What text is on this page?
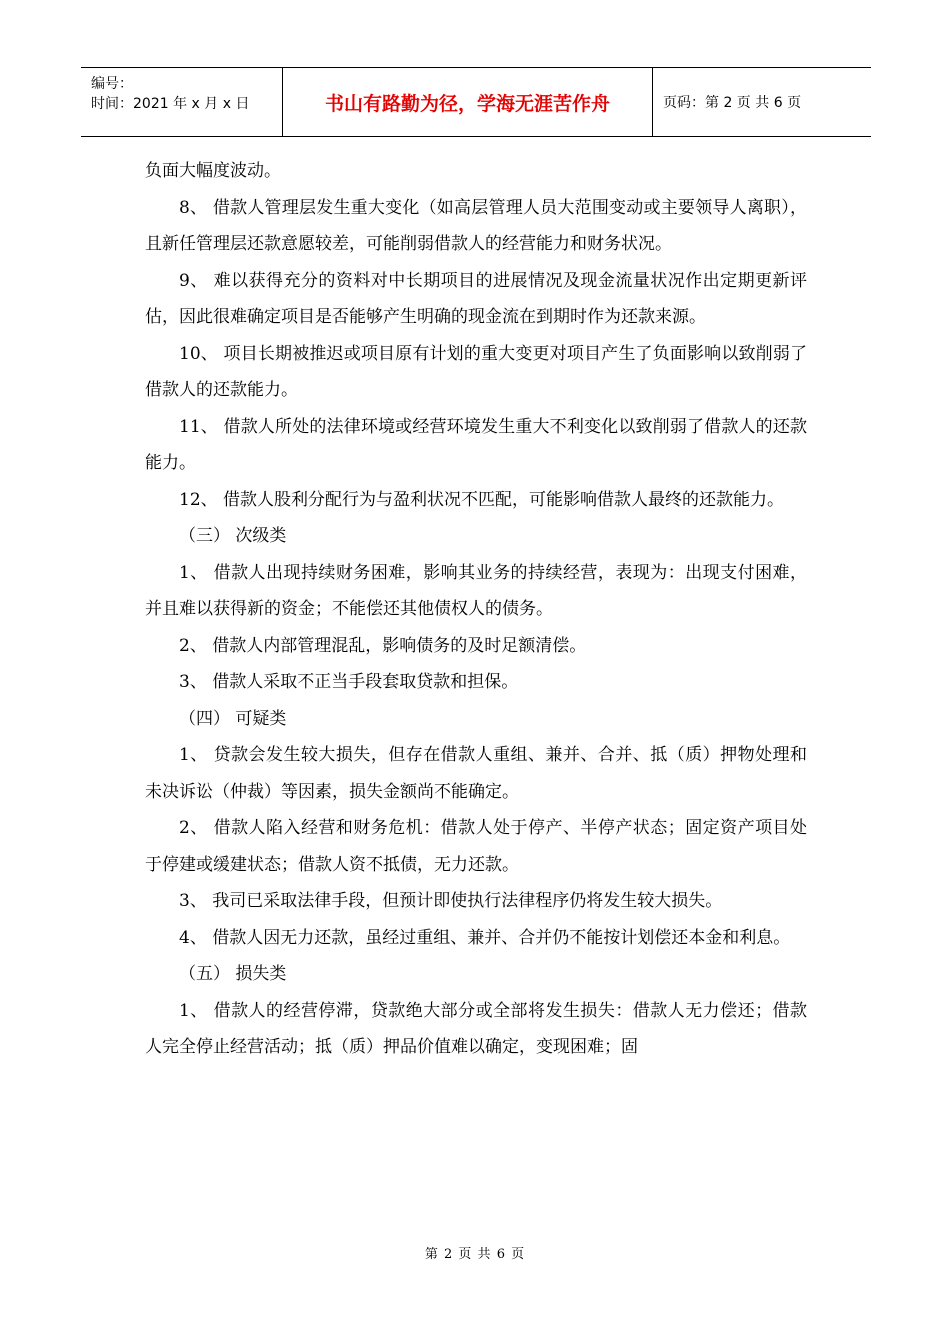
编号：
时间：2021 年 x 月 x 日	书山有路勤为径，学海无涯苦作舟	页码：第 2 页 共 6 页

负面大幅度波动。

8、 借款人管理层发生重大变化（如高层管理人员大范围变动或主要领导人离职），且新任管理层还款意愿较差，可能削弱借款人的经营能力和财务状况。

9、 难以获得充分的资料对中长期项目的进展情况及现金流量状况作出定期更新评估，因此很难确定项目是否能够产生明确的现金流在到期时作为还款来源。

10、 项目长期被推迟或项目原有计划的重大变更对项目产生了负面影响以致削弱了借款人的还款能力。

11、 借款人所处的法律环境或经营环境发生重大不利变化以致削弱了借款人的还款能力。

12、 借款人股利分配行为与盈利状况不匹配，可能影响借款人最终的还款能力。

（三） 次级类

1、 借款人出现持续财务困难，影响其业务的持续经营，表现为：出现支付困难，并且难以获得新的资金；不能偿还其他债权人的债务。

2、 借款人内部管理混乱，影响债务的及时足额清偿。

3、 借款人采取不正当手段套取贷款和担保。

（四） 可疑类

1、 贷款会发生较大损失，但存在借款人重组、兼并、合并、抵（质）押物处理和未决诉讼（仲裁）等因素，损失金额尚不能确定。

2、 借款人陷入经营和财务危机：借款人处于停产、半停产状态；固定资产项目处于停建或缓建状态；借款人资不抵债，无力还款。

3、 我司已采取法律手段，但预计即使执行法律程序仍将发生较大损失。

4、 借款人因无力还款，虽经过重组、兼并、合并仍不能按计划偿还本金和利息。

（五） 损失类

1、 借款人的经营停滞，贷款绝大部分或全部将发生损失：借款人无力偿还；借款人完全停止经营活动；抵（质）押品价值难以确定，变现困难；固

第 2 页 共 6 页
